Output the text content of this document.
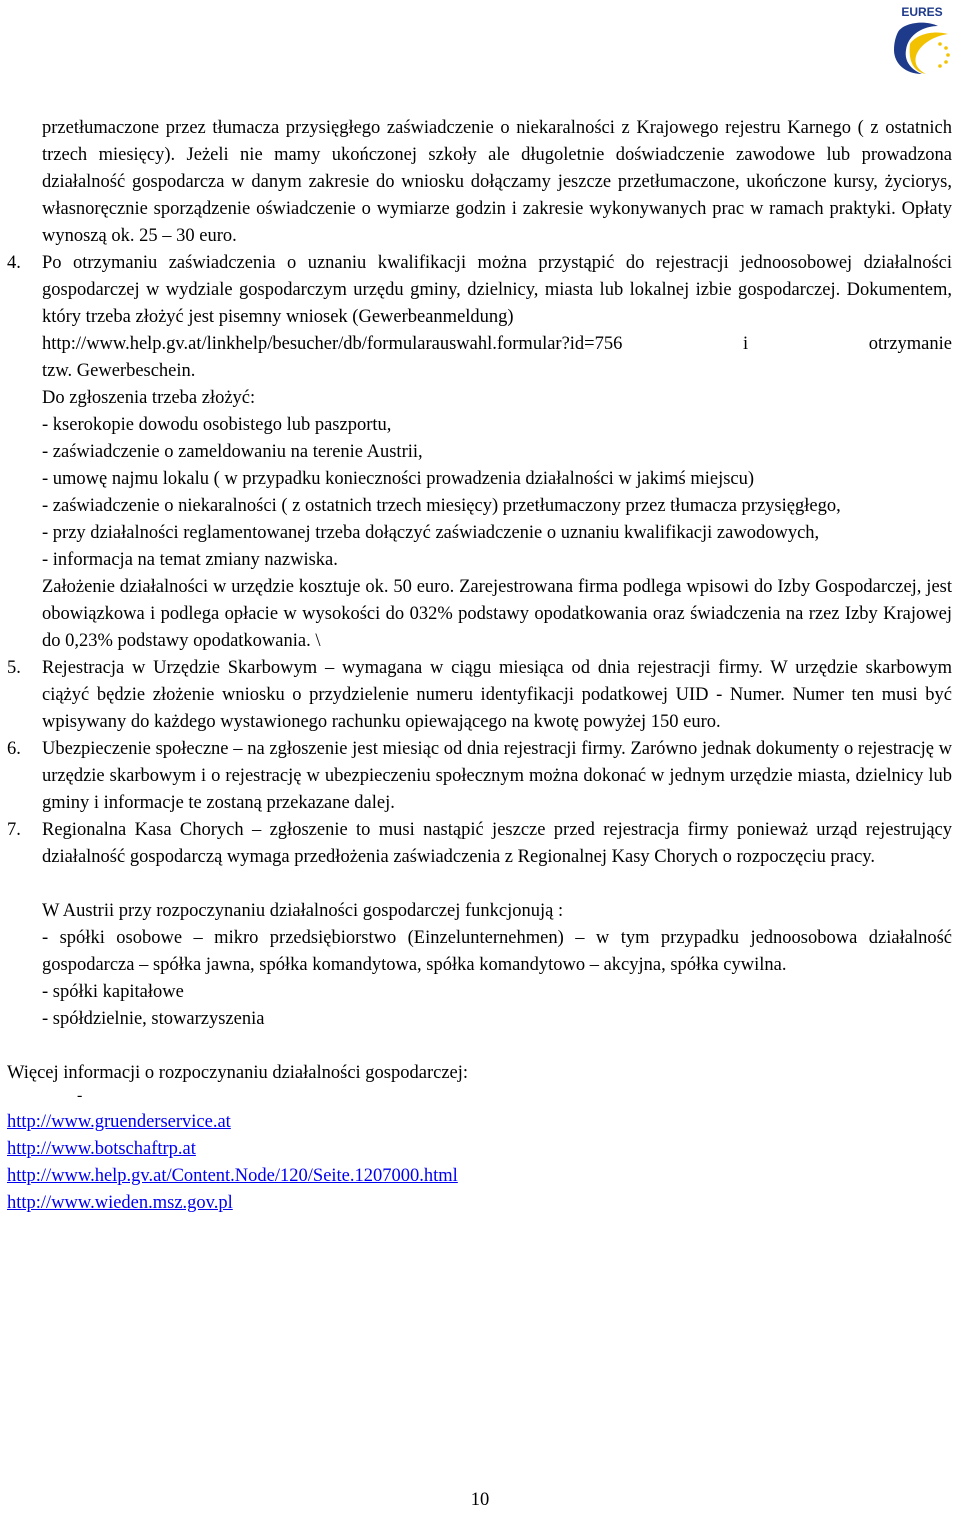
Warunki życia i pracy w krajach Europejskiego Obszaru Gospodarczego
Ministerstwo Pracy i Polityki Społecznej
Departament Rynku Pracy
EURES
przetłumaczone przez tłumacza przysięgłego zaświadczenie o niekaralności z Krajowego rejestru Karnego ( z ostatnich trzech miesięcy). Jeżeli nie mamy ukończonej szkoły ale długoletnie doświadczenie zawodowe lub prowadzona działalność gospodarcza w danym zakresie do wniosku dołączamy jeszcze przetłumaczone, ukończone kursy, życiorys, własnoręcznie sporządzenie oświadczenie o wymiarze godzin i zakresie wykonywanych prac w ramach praktyki. Opłaty wynoszą ok. 25 – 30 euro.
4. Po otrzymaniu zaświadczenia o uznaniu kwalifikacji można przystąpić do rejestracji jednoosobowej działalności gospodarczej w wydziale gospodarczym urzędu gminy, dzielnicy, miasta lub lokalnej izbie gospodarczej. Dokumentem, który trzeba złożyć jest pisemny wniosek (Gewerbeanmeldung)
http://www.help.gv.at/linkhelp/besucher/db/formularauswahl.formular?id=756 i otrzymanie
tzw. Gewerbeschein.
Do zgłoszenia trzeba złożyć:
- kserokopie dowodu osobistego lub paszportu,
- zaświadczenie o zameldowaniu na terenie Austrii,
- umowę najmu lokalu ( w przypadku konieczności prowadzenia działalności w jakimś miejscu)
- zaświadczenie o niekaralności ( z ostatnich trzech miesięcy) przetłumaczony przez tłumacza przysięgłego,
- przy działalności reglamentowanej trzeba dołączyć zaświadczenie o uznaniu kwalifikacji zawodowych,
- informacja na temat zmiany nazwiska.
Założenie działalności w urzędzie kosztuje ok. 50 euro. Zarejestrowana firma podlega wpisowi do Izby Gospodarczej, jest obowiązkowa i podlega opłacie w wysokości do 032% podstawy opodatkowania oraz świadczenia na rzez Izby Krajowej do 0,23% podstawy opodatkowania. \
5. Rejestracja w Urzędzie Skarbowym – wymagana w ciągu miesiąca od dnia rejestracji firmy. W urzędzie skarbowym ciążyć będzie złożenie wniosku o przydzielenie numeru identyfikacji podatkowej UID - Numer. Numer ten musi być wpisywany do każdego wystawionego rachunku opiewającego na kwotę powyżej 150 euro.
6. Ubezpieczenie społeczne – na zgłoszenie jest miesiąc od dnia rejestracji firmy. Zarówno jednak dokumenty o rejestrację w urzędzie skarbowym i o rejestrację w ubezpieczeniu społecznym można dokonać w jednym urzędzie miasta, dzielnicy lub gminy i informacje te zostaną przekazane dalej.
7. Regionalna Kasa Chorych – zgłoszenie to musi nastąpić jeszcze przed rejestracja firmy ponieważ urząd rejestrujący działalność gospodarczą wymaga przedłożenia zaświadczenia z Regionalnej Kasy Chorych o rozpoczęciu pracy.
W Austrii przy rozpoczynaniu działalności gospodarczej funkcjonują :
- spółki osobowe – mikro przedsiębiorstwo (Einzelunternehmen) – w tym przypadku jednoosobowa działalność gospodarcza – spółka jawna, spółka komandytowa, spółka komandytowo – akcyjna, spółka cywilna.
- spółki kapitałowe
- spółdzielnie, stowarzyszenia
Więcej informacji o rozpoczynaniu działalności gospodarczej:
-
http://www.gruenderservice.at
http://www.botschaftrp.at
http://www.help.gv.at/Content.Node/120/Seite.1207000.html
http://www.wieden.msz.gov.pl
10
